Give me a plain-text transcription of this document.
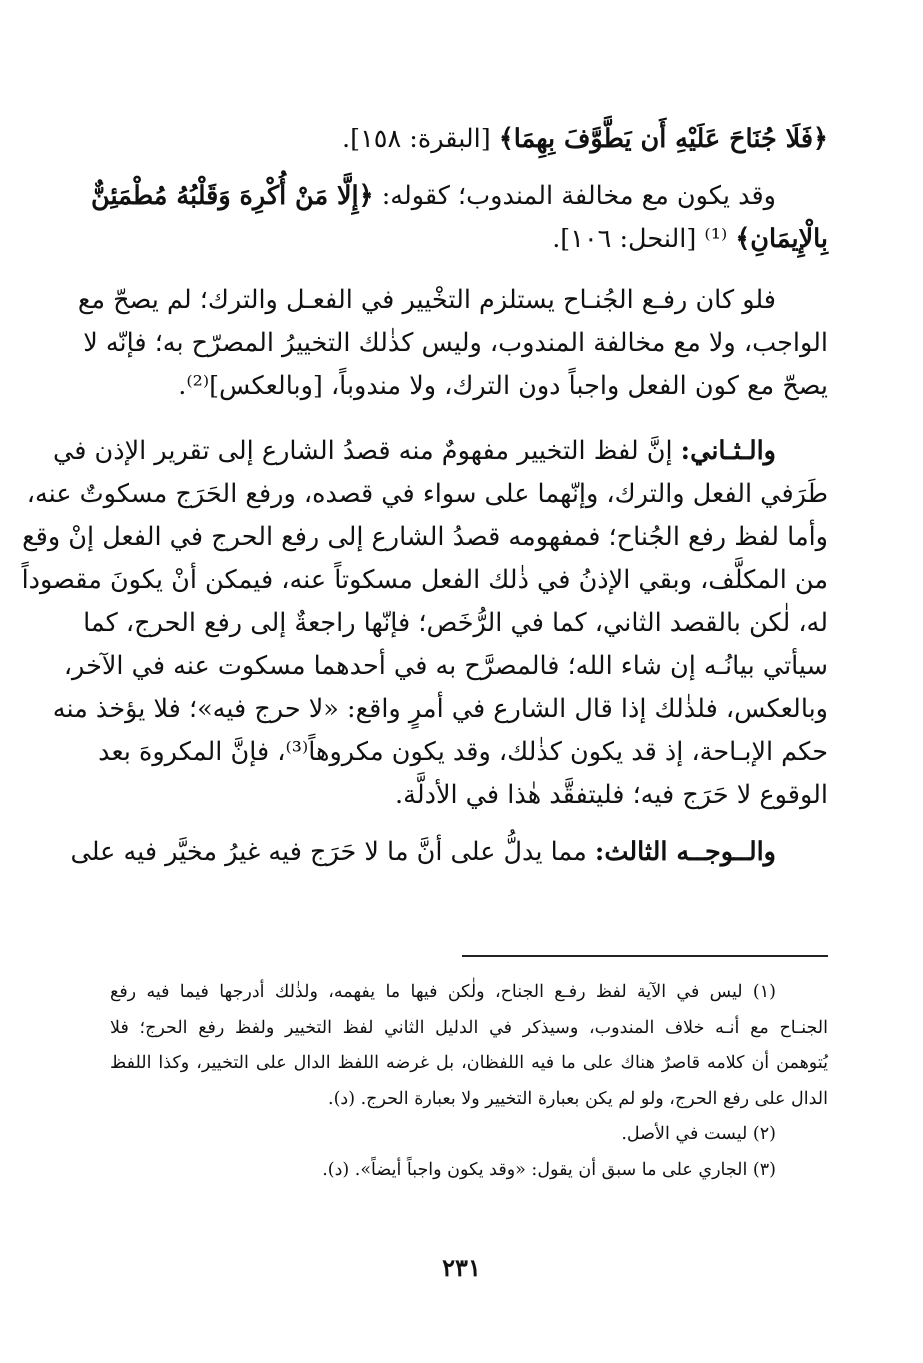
﴿فَلَا جُنَاحَ عَلَيْهِ أَن يَطَّوَّفَ بِهِمَا﴾ [البقرة: ١٥٨].
وقد يكون مع مخالفة المندوب؛ كقوله: ﴿إِلَّا مَنْ أُكْرِهَ وَقَلْبُهُ مُطْمَئِنٌّ
بِالْإِيمَانِ﴾ ⁽¹⁾ [النحل: ١٠٦].
فلو كان رفـع الجُنـاح يستلزم التخْيير في الفعـل والترك؛ لم يصحّ مع
الواجب، ولا مع مخالفة المندوب، وليس كذٰلك التخييرُ المصرّح به؛ فإنّه لا
يصحّ مع كون الفعل واجباً دون الترك، ولا مندوباً، [وبالعكس]⁽²⁾.
والـثـاني: إنَّ لفظ التخيير مفهومٌ منه قصدُ الشارع إلى تقرير الإذن في
طَرَفي الفعل والترك، وإنّهما على سواء في قصده، ورفع الحَرَج مسكوتٌ عنه،
وأما لفظ رفع الجُناح؛ فمفهومه قصدُ الشارع إلى رفع الحرج في الفعل إنْ وقع
من المكلَّف، وبقي الإذنُ في ذٰلك الفعل مسكوتاً عنه، فيمكن أنْ يكونَ مقصوداً
له، لٰكن بالقصد الثاني، كما في الرُّخَص؛ فإنّها راجعةٌ إلى رفع الحرج، كما
سيأتي بيانُـه إن شاء الله؛ فالمصرَّح به في أحدهما مسكوت عنه في الآخر،
وبالعكس، فلذٰلك إذا قال الشارع في أمرٍ واقع: «لا حرج فيه»؛ فلا يؤخذ منه
حكم الإبـاحة، إذ قد يكون كذٰلك، وقد يكون مكروهاً⁽³⁾، فإنَّ المكروهَ بعد
الوقوع لا حَرَج فيه؛ فليتفقَّد هٰذا في الأدلَّة.
والــوجــه الثالث: مما يدلُّ على أنَّ ما لا حَرَج فيه غيرُ مخيَّر فيه على
(١) ليس في الآية لفظ رفـع الجناح، ولٰكن فيها ما يفهمه، ولذٰلك أدرجها فيما فيه رفع
الجنـاح مع أنـه خلاف المندوب، وسيذكر في الدليل الثاني لفظ التخيير ولفظ رفع الحرج؛ فلا
يُتوهمن أن كلامه قاصرٌ هناك على ما فيه اللفظان، بل غرضه اللفظ الدال على التخيير، وكذا اللفظ
الدال على رفع الحرج، ولو لم يكن بعبارة التخيير ولا بعبارة الحرج. (د).
(٢) ليست في الأصل.
(٣) الجاري على ما سبق أن يقول: «وقد يكون واجباً أيضاً». (د).
٢٣١
